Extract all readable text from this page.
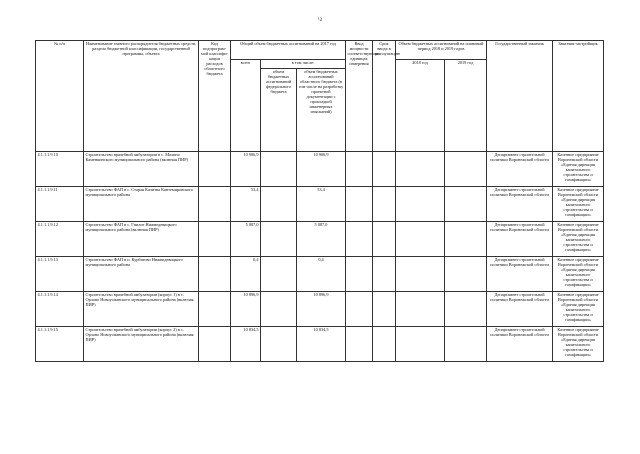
¹2
№ п/п	Наименование главного распорядителя бюджетных средств, раздела бюджетной классификации, государственной программы, объекта	Код подпрограм-мой классифи-кации расходов областного бюджета	Общий объем бюджетных ассигнований на 2017 год			Ввод мощности соответствующих единицах измерения	Срок ввода в эксплуатацию	Объем бюджетных ассигнований на плановый период 2018 и 2019 годов		Государственный заказчик	Заказчик-застройщик
			всего	в том числе:				2018 год	2019 год		
				объем бюджетных ассигнований федерального бюджета	объем бюджетных ассигнований областного бюджета (в том числе на разработку проектной документации с прокладкой инженерных изысканий)						
4.1.1.1.9.10	Строительство врачебной амбулатории в с. Малино Каменкинского муниципального района (включая ПИР)		10 906,9		10 906,9					Департамент строительной политики Воронежской области	Казенное предприятие Воронежской области «Единая дирекция капитального строительства и газификации»
4.1.1.1.9.11	Строительство ФАП в с. Старая Калитва Кантемировского муниципального района		53,4		53,4					Департамент строительной политики Воронежской области	Казенное предприятие Воронежской области «Единая дирекция капитального строительства и газификации»
4.1.1.1.9.12	Строительство ФАП в с. Гнилое Нижнедевицкого муниципального района (включая ПИР)		5 087,0		5 087,0					Департамент строительной политики Воронежской области	Казенное предприятие Воронежской области «Единая дирекция капитального строительства и газификации»
4.1.1.1.9.13	Строительство ФАП в п. Курбатово Нижнедевицкого муниципального района		0,4		0,4					Департамент строительной политики Воронежской области	Казенное предприятие Воронежской области «Единая дирекция капитального строительства и газификации»
4.1.1.1.9.14	Строительство врачебной амбулатории (корпус 1) в с. Орлово Новоусманского муниципального района (включая ПИР)		10 896,9		10 896,9					Департамент строительной политики Воронежской области	Казенное предприятие Воронежской области «Единая дирекция капитального строительства и газификации»
4.1.1.1.9.15	Строительство врачебной амбулатории (корпус 2) в с. Орлово Новоусманского муниципального района (включая ПИР)		10 834,5		10 834,5					Департамент строительной политики Воронежской области	Казенное предприятие Воронежской области «Единая дирекция капитального строительства и газификации»
